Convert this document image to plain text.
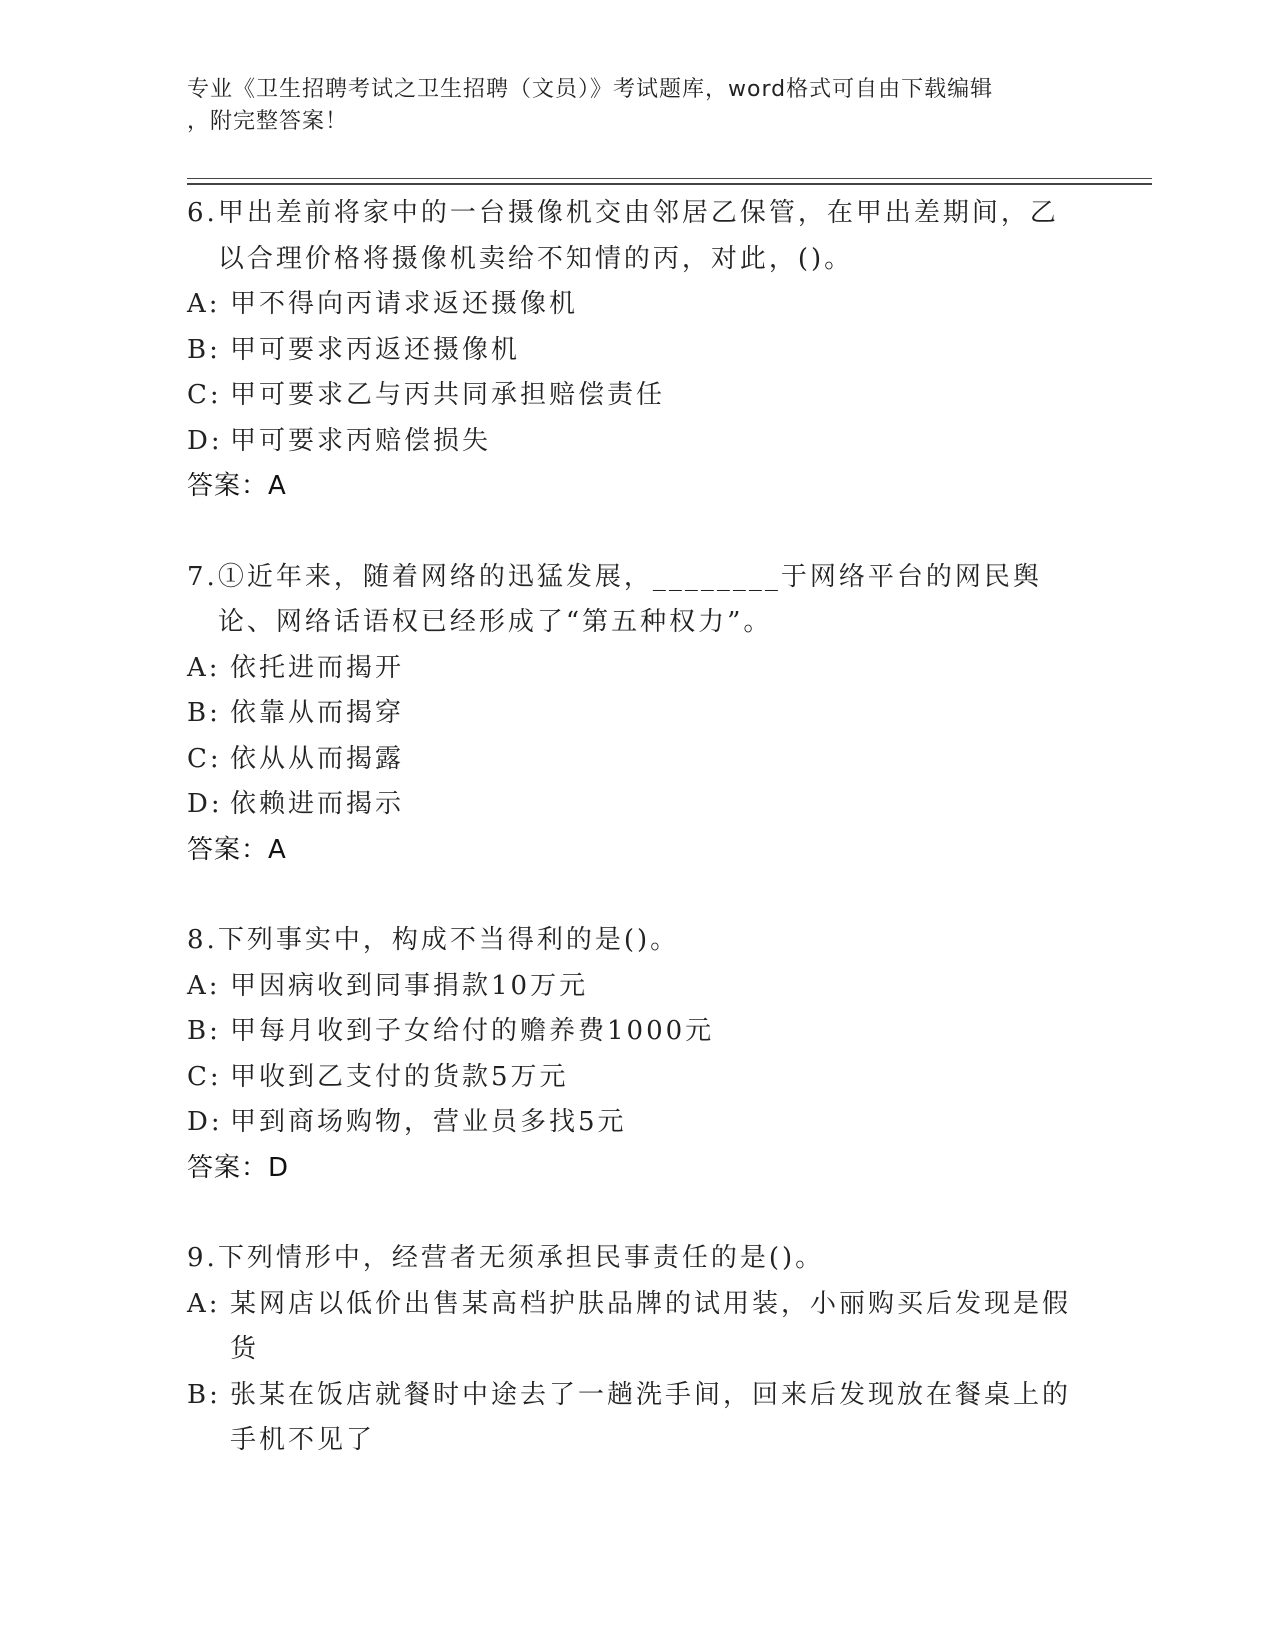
专业《卫生招聘考试之卫生招聘（文员）》考试题库，word格式可自由下载编辑
，附完整答案！
6. 甲出差前将家中的一台摄像机交由邻居乙保管，在甲出差期间，乙以合理价格将摄像机卖给不知情的丙，对此，()。
A: 甲不得向丙请求返还摄像机
B: 甲可要求丙返还摄像机
C: 甲可要求乙与丙共同承担赔偿责任
D: 甲可要求丙赔偿损失
答案：A
7. ①近年来，随着网络的迅猛发展，________于网络平台的网民舆论、网络话语权已经形成了“第五种权力”。
A: 依托进而揭开
B: 依靠从而揭穿
C: 依从从而揭露
D: 依赖进而揭示
答案：A
8. 下列事实中，构成不当得利的是()。
A: 甲因病收到同事捐款10万元
B: 甲每月收到子女给付的赡养费1000元
C: 甲收到乙支付的货款5万元
D: 甲到商场购物，营业员多找5元
答案：D
9. 下列情形中，经营者无须承担民事责任的是()。
A: 某网店以低价出售某高档护肤品牌的试用装，小丽购买后发现是假货
B: 张某在饭店就餐时中途去了一趟洗手间，回来后发现放在餐桌上的手机不见了
